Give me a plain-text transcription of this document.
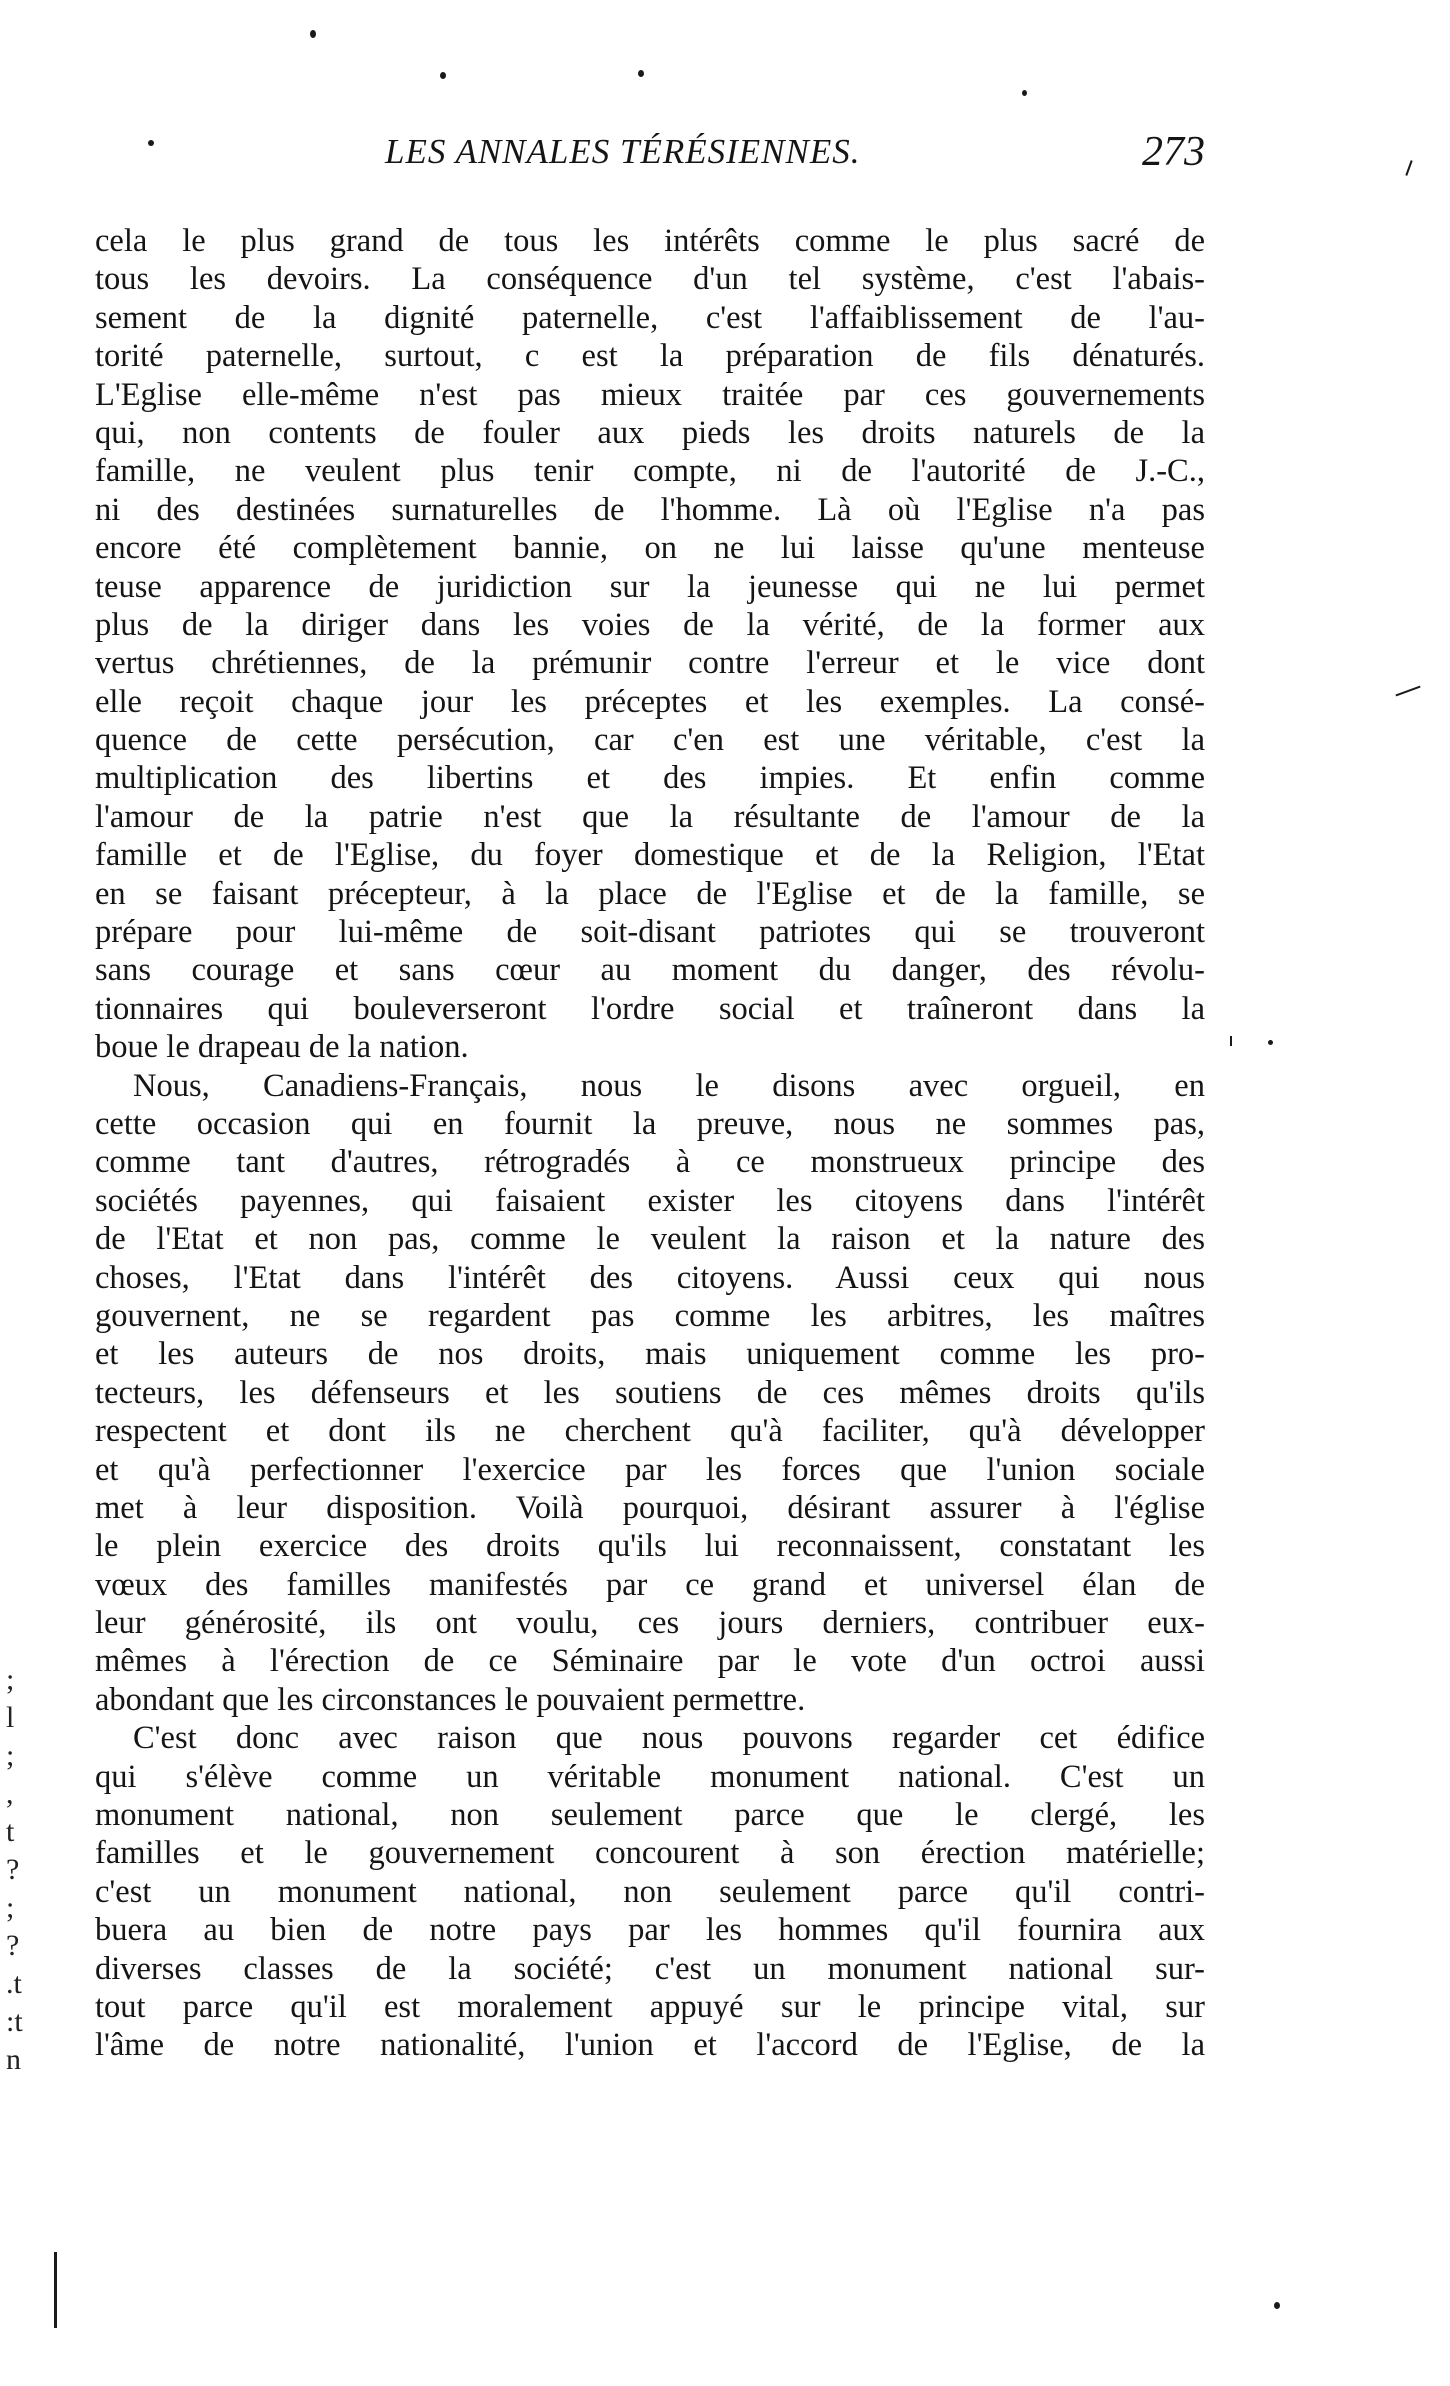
LES ANNALES TÉRÉSIENNES.	273
cela le plus grand de tous les intérêts comme le plus sacré de
tous les devoirs. La conséquence d'un tel système, c'est l'abais-
sement de la dignité paternelle, c'est l'affaiblissement de l'au-
torité paternelle, surtout, c est la préparation de fils dénaturés.
L'Eglise elle-même n'est pas mieux traitée par ces gouvernements
qui, non contents de fouler aux pieds les droits naturels de la
famille, ne veulent plus tenir compte, ni de l'autorité de J.-C.,
ni des destinées surnaturelles de l'homme. Là où l'Eglise n'a pas
encore été complètement bannie, on ne lui laisse qu'une menteuse
teuse apparence de juridiction sur la jeunesse qui ne lui permet
plus de la diriger dans les voies de la vérité, de la former aux
vertus chrétiennes, de la prémunir contre l'erreur et le vice dont
elle reçoit chaque jour les préceptes et les exemples. La consé-
quence de cette persécution, car c'en est une véritable, c'est la
multiplication des libertins et des impies. Et enfin comme
l'amour de la patrie n'est que la résultante de l'amour de la
famille et de l'Eglise, du foyer domestique et de la Religion, l'Etat
en se faisant précepteur, à la place de l'Eglise et de la famille, se
prépare pour lui-même de soit-disant patriotes qui se trouveront
sans courage et sans cœur au moment du danger, des révolu-
tionnaires qui bouleverseront l'ordre social et traîneront dans la
boue le drapeau de la nation.
Nous, Canadiens-Français, nous le disons avec orgueil, en
cette occasion qui en fournit la preuve, nous ne sommes pas,
comme tant d'autres, rétrogradés à ce monstrueux principe des
sociétés payennes, qui faisaient exister les citoyens dans l'intérêt
de l'Etat et non pas, comme le veulent la raison et la nature des
choses, l'Etat dans l'intérêt des citoyens. Aussi ceux qui nous
gouvernent, ne se regardent pas comme les arbitres, les maîtres
et les auteurs de nos droits, mais uniquement comme les pro-
tecteurs, les défenseurs et les soutiens de ces mêmes droits qu'ils
respectent et dont ils ne cherchent qu'à faciliter, qu'à développer
et qu'à perfectionner l'exercice par les forces que l'union sociale
met à leur disposition. Voilà pourquoi, désirant assurer à l'église
le plein exercice des droits qu'ils lui reconnaissent, constatant les
vœux des familles manifestés par ce grand et universel élan de
leur générosité, ils ont voulu, ces jours derniers, contribuer eux-
mêmes à l'érection de ce Séminaire par le vote d'un octroi aussi
abondant que les circonstances le pouvaient permettre.
C'est donc avec raison que nous pouvons regarder cet édifice
qui s'élève comme un véritable monument national. C'est un
monument national, non seulement parce que le clergé, les
familles et le gouvernement concourent à son érection matérielle;
c'est un monument national, non seulement parce qu'il contri-
buera au bien de notre pays par les hommes qu'il fournira aux
diverses classes de la société; c'est un monument national sur-
tout parce qu'il est moralement appuyé sur le principe vital, sur
l'âme de notre nationalité, l'union et l'accord de l'Eglise, de la
;
l
;
,
t
?
;
?
.t
:t
n
